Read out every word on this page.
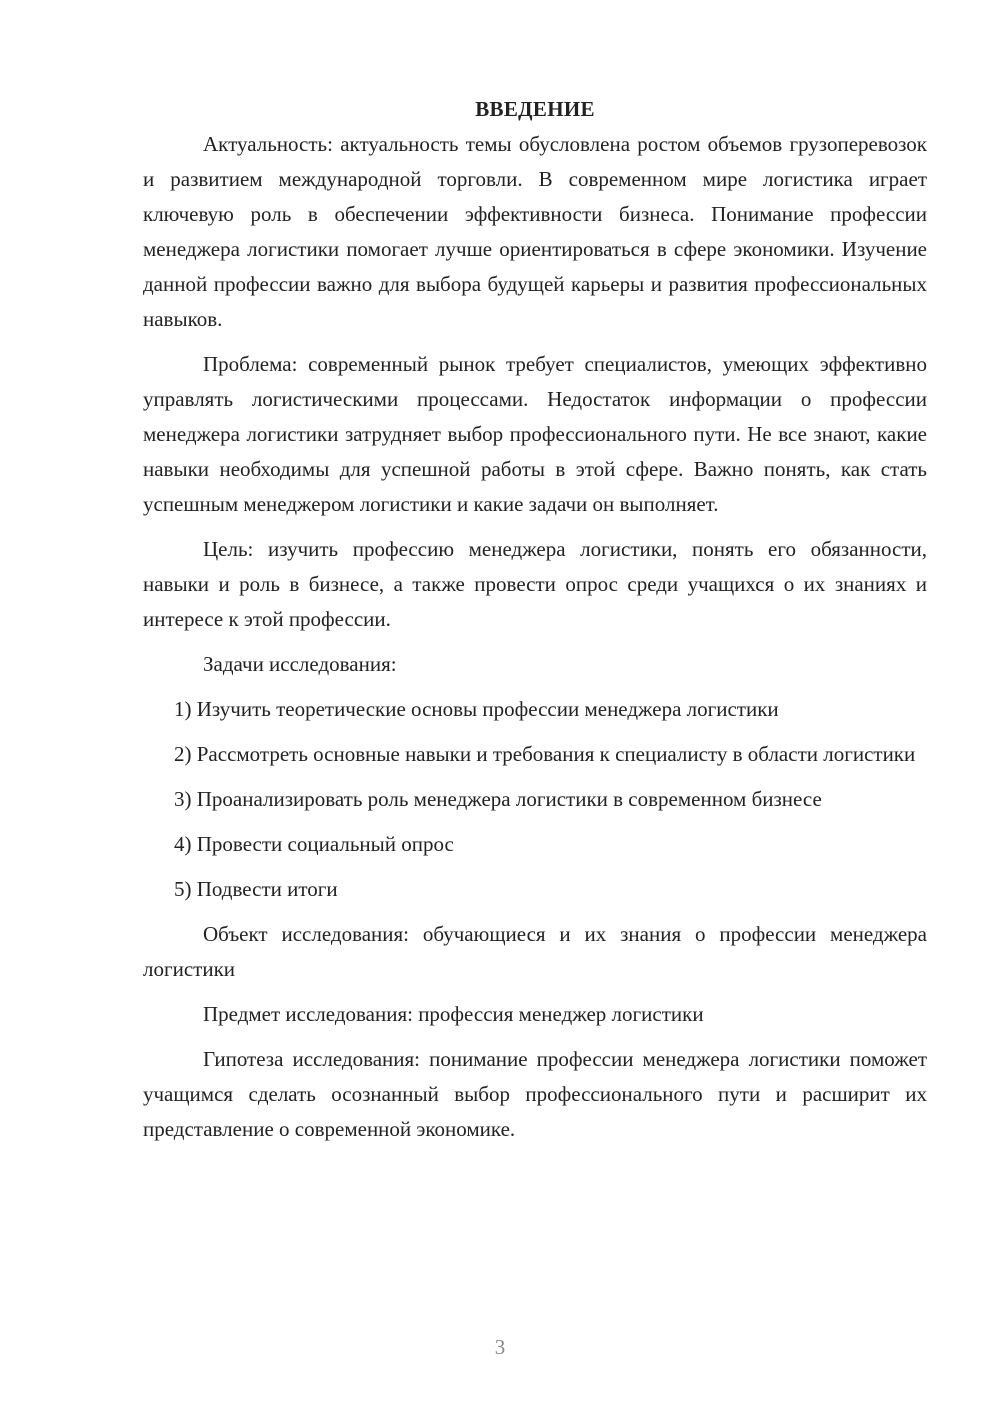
ВВЕДЕНИЕ

Актуальность: актуальность темы обусловлена ростом объемов грузоперевозок и развитием международной торговли. В современном мире логистика играет ключевую роль в обеспечении эффективности бизнеса. Понимание профессии менеджера логистики помогает лучше ориентироваться в сфере экономики. Изучение данной профессии важно для выбора будущей карьеры и развития профессиональных навыков.

Проблема: современный рынок требует специалистов, умеющих эффективно управлять логистическими процессами. Недостаток информации о профессии менеджера логистики затрудняет выбор профессионального пути. Не все знают, какие навыки необходимы для успешной работы в этой сфере. Важно понять, как стать успешным менеджером логистики и какие задачи он выполняет.

Цель: изучить профессию менеджера логистики, понять его обязанности, навыки и роль в бизнесе, а также провести опрос среди учащихся о их знаниях и интересе к этой профессии.

Задачи исследования:

1) Изучить теоретические основы профессии менеджера логистики

2) Рассмотреть основные навыки и требования к специалисту в области логистики

3) Проанализировать роль менеджера логистики в современном бизнесе

4) Провести социальный опрос

5) Подвести итоги

Объект исследования: обучающиеся и их знания о профессии менеджера логистики

Предмет исследования: профессия менеджер логистики

Гипотеза исследования: понимание профессии менеджера логистики поможет учащимся сделать осознанный выбор профессионального пути и расширит их представление о современной экономике.

3
